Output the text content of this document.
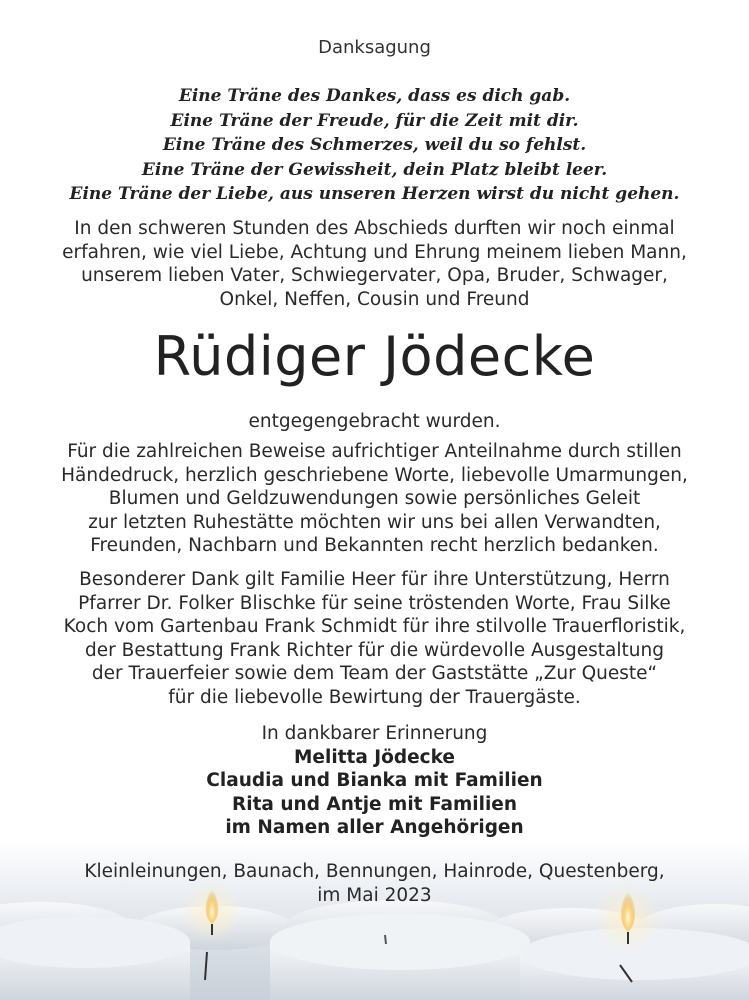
Danksagung
Eine Träne des Dankes, dass es dich gab.
Eine Träne der Freude, für die Zeit mit dir.
Eine Träne des Schmerzes, weil du so fehlst.
Eine Träne der Gewissheit, dein Platz bleibt leer.
Eine Träne der Liebe, aus unseren Herzen wirst du nicht gehen.
In den schweren Stunden des Abschieds durften wir noch einmal
erfahren, wie viel Liebe, Achtung und Ehrung meinem lieben Mann,
unserem lieben Vater, Schwiegervater, Opa, Bruder, Schwager,
Onkel, Neffen, Cousin und Freund
Rüdiger Jödecke
entgegengebracht wurden.
Für die zahlreichen Beweise aufrichtiger Anteilnahme durch stillen
Händedruck, herzlich geschriebene Worte, liebevolle Umarmungen,
Blumen und Geldzuwendungen sowie persönliches Geleit
zur letzten Ruhestätte möchten wir uns bei allen Verwandten,
Freunden, Nachbarn und Bekannten recht herzlich bedanken.
Besonderer Dank gilt Familie Heer für ihre Unterstützung, Herrn
Pfarrer Dr. Folker Blischke für seine tröstenden Worte, Frau Silke
Koch vom Gartenbau Frank Schmidt für ihre stilvolle Trauerfloristik,
der Bestattung Frank Richter für die würdevolle Ausgestaltung
der Trauerfeier sowie dem Team der Gaststätte „Zur Queste“
für die liebevolle Bewirtung der Trauergäste.
In dankbarer Erinnerung
Melitta Jödecke
Claudia und Bianka mit Familien
Rita und Antje mit Familien
im Namen aller Angehörigen
Kleinleinungen, Baunach, Bennungen, Hainrode, Questenberg,
im Mai 2023
